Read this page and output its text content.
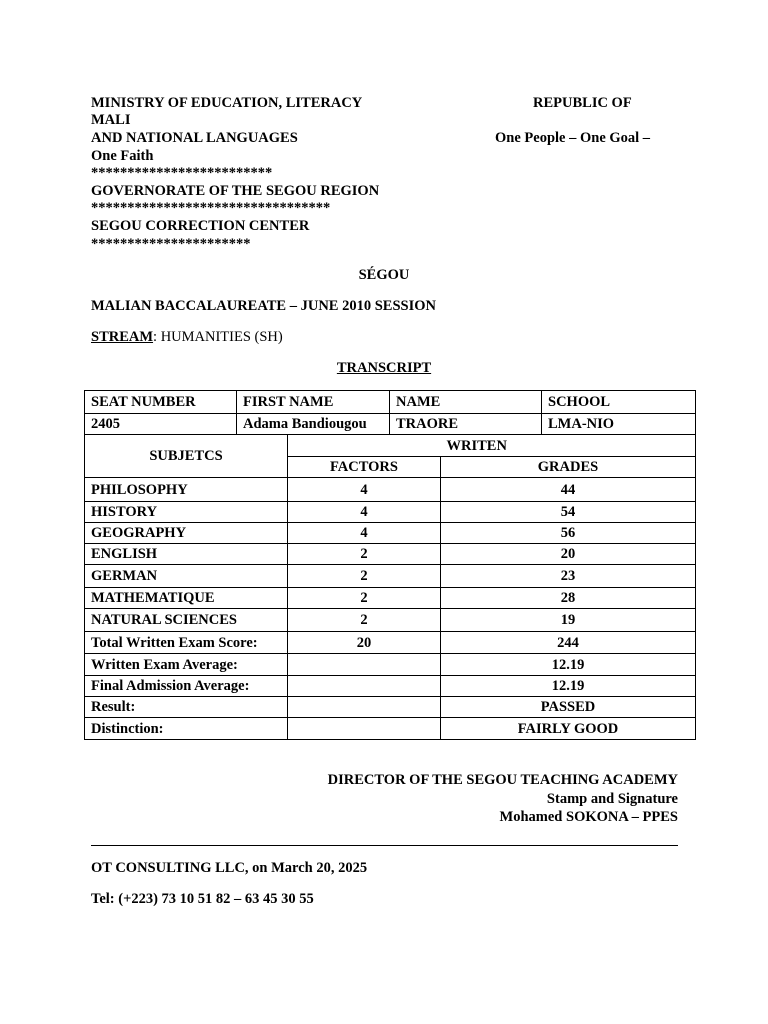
MINISTRY OF EDUCATION, LITERACY
MALI
AND NATIONAL LANGUAGES
One Faith
REPUBLIC OF
One People – One Goal –
*************************
GOVERNORATE OF THE SEGOU REGION
*********************************
SEGOU CORRECTION CENTER
**********************
SÉGOU
MALIAN BACCALAUREATE – JUNE 2010 SESSION
STREAM: HUMANITIES (SH)
TRANSCRIPT
SEAT NUMBER	FIRST NAME		NAME		SCHOOL
2405	Adama Bandiougou		TRAORE		LMA-NIO
SUBJETCS				WRITEN	
		FACTORS		GRADES	
PHILOSOPHY		4		44	
HISTORY		4		54	
GEOGRAPHY		4		56	
ENGLISH		2		20	
GERMAN		2		23	
MATHEMATIQUE		2		28	
NATURAL SCIENCES		2		19	
Total Written Exam Score:		20		244	
Written Exam Average:				12.19	
Final Admission Average:				12.19	
Result:				PASSED	
Distinction:				FAIRLY GOOD	
DIRECTOR OF THE SEGOU TEACHING ACADEMY
Stamp and Signature
Mohamed SOKONA – PPES
OT CONSULTING LLC, on March 20, 2025
Tel: (+223) 73 10 51 82 – 63 45 30 55
